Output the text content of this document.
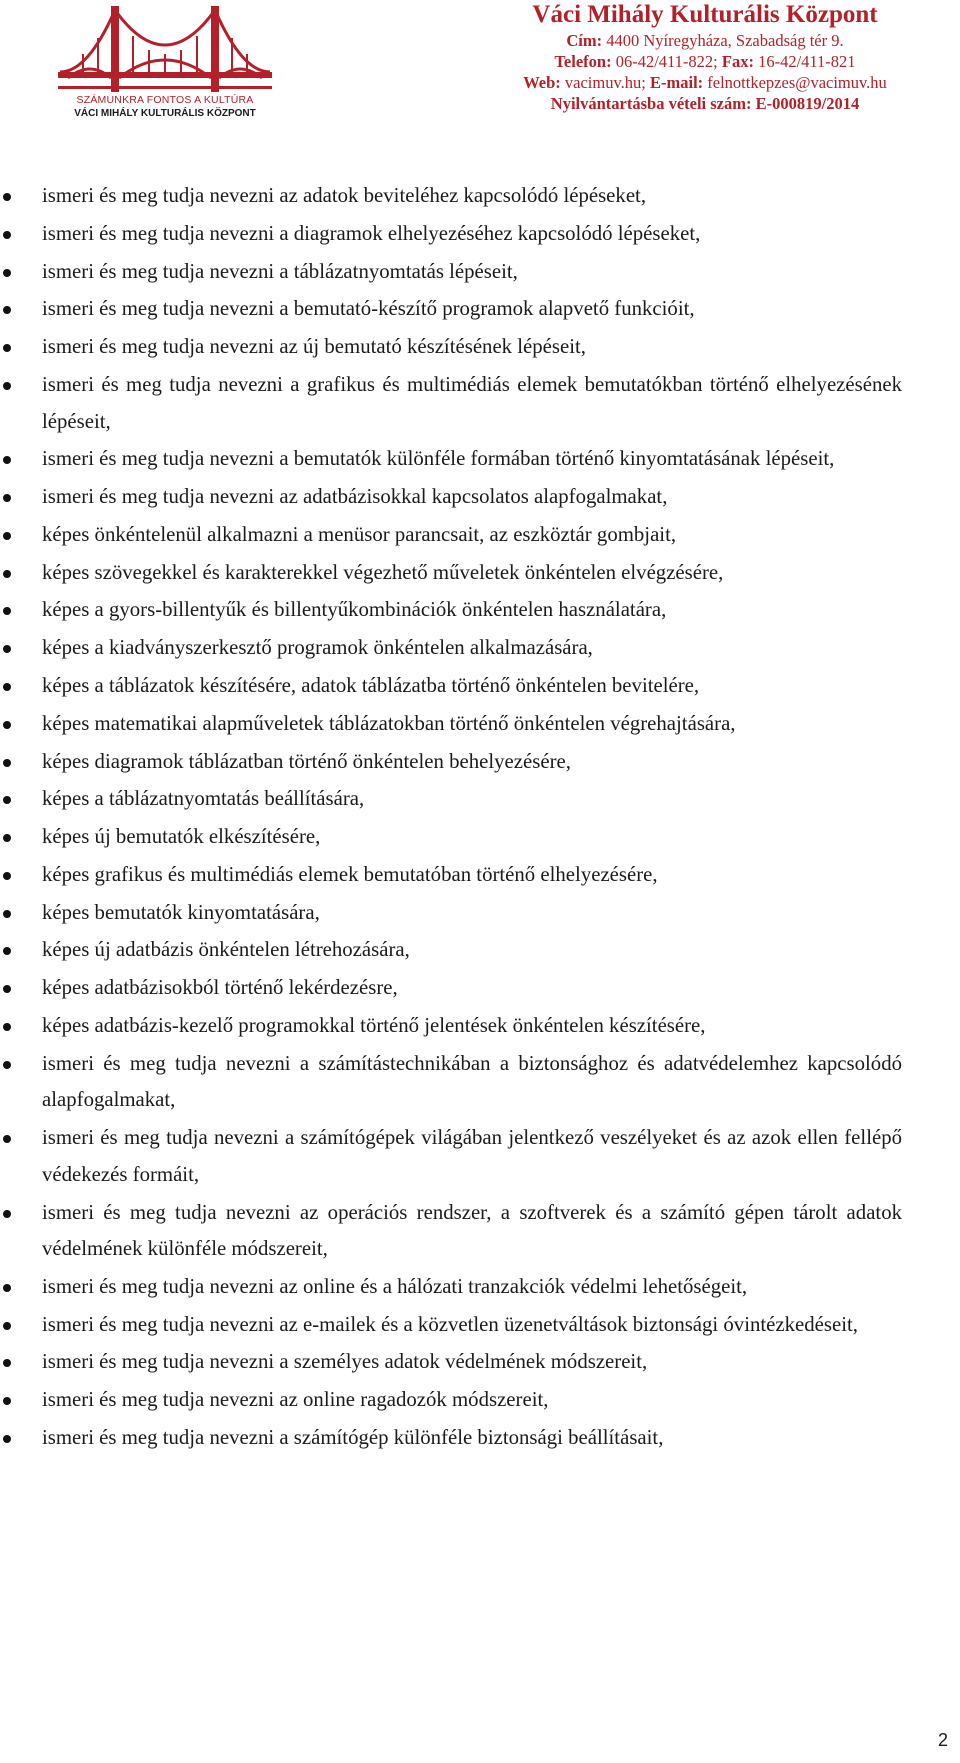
SZÁMUNKRA FONTOS A KULTÚRA
VÁCI MIHÁLY KULTURÁLIS KÖZPONT
Váci Mihály Kulturális Központ
Cím: 4400 Nyíregyháza, Szabadság tér 9.
Telefon: 06-42/411-822; Fax: 16-42/411-821
Web: vacimuv.hu; E-mail: felnottkepzes@vacimuv.hu
Nyilvántartásba vételi szám: E-000819/2014
ismeri és meg tudja nevezni az adatok beviteléhez kapcsolódó lépéseket,
ismeri és meg tudja nevezni a diagramok elhelyezéséhez kapcsolódó lépéseket,
ismeri és meg tudja nevezni a táblázatnyomtatás lépéseit,
ismeri és meg tudja nevezni a bemutató-készítő programok alapvető funkcióit,
ismeri és meg tudja nevezni az új bemutató készítésének lépéseit,
ismeri és meg tudja nevezni a grafikus és multimédiás elemek bemutatókban történő elhelyezésének lépéseit,
ismeri és meg tudja nevezni a bemutatók különféle formában történő kinyomtatásának lépéseit,
ismeri és meg tudja nevezni az adatbázisokkal kapcsolatos alapfogalmakat,
képes önkéntelenül alkalmazni a menüsor parancsait, az eszköztár gombjait,
képes szövegekkel és karakterekkel végezhető műveletek önkéntelen elvégzésére,
képes a gyors-billentyűk és billentyűkombinációk önkéntelen használatára,
képes a kiadványszerkesztő programok önkéntelen alkalmazására,
képes a táblázatok készítésére, adatok táblázatba történő önkéntelen bevitelére,
képes matematikai alapműveletek táblázatokban történő önkéntelen végrehajtására,
képes diagramok táblázatban történő önkéntelen behelyezésére,
képes a táblázatnyomtatás beállítására,
képes új bemutatók elkészítésére,
képes grafikus és multimédiás elemek bemutatóban történő elhelyezésére,
képes bemutatók kinyomtatására,
képes új adatbázis önkéntelen létrehozására,
képes adatbázisokból történő lekérdezésre,
képes adatbázis-kezelő programokkal történő jelentések önkéntelen készítésére,
ismeri és meg tudja nevezni a számítástechnikában a biztonsághoz és adatvédelemhez kapcsolódó alapfogalmakat,
ismeri és meg tudja nevezni a számítógépek világában jelentkező veszélyeket és az azok ellen fellépő védekezés formáit,
ismeri és meg tudja nevezni az operációs rendszer, a szoftverek és a számító gépen tárolt adatok védelmének különféle módszereit,
ismeri és meg tudja nevezni az online és a hálózati tranzakciók védelmi lehetőségeit,
ismeri és meg tudja nevezni az e-mailek és a közvetlen üzenetváltások biztonsági óvintézkedéseit,
ismeri és meg tudja nevezni a személyes adatok védelmének módszereit,
ismeri és meg tudja nevezni az online ragadozók módszereit,
ismeri és meg tudja nevezni a számítógép különféle biztonsági beállításait,
2
